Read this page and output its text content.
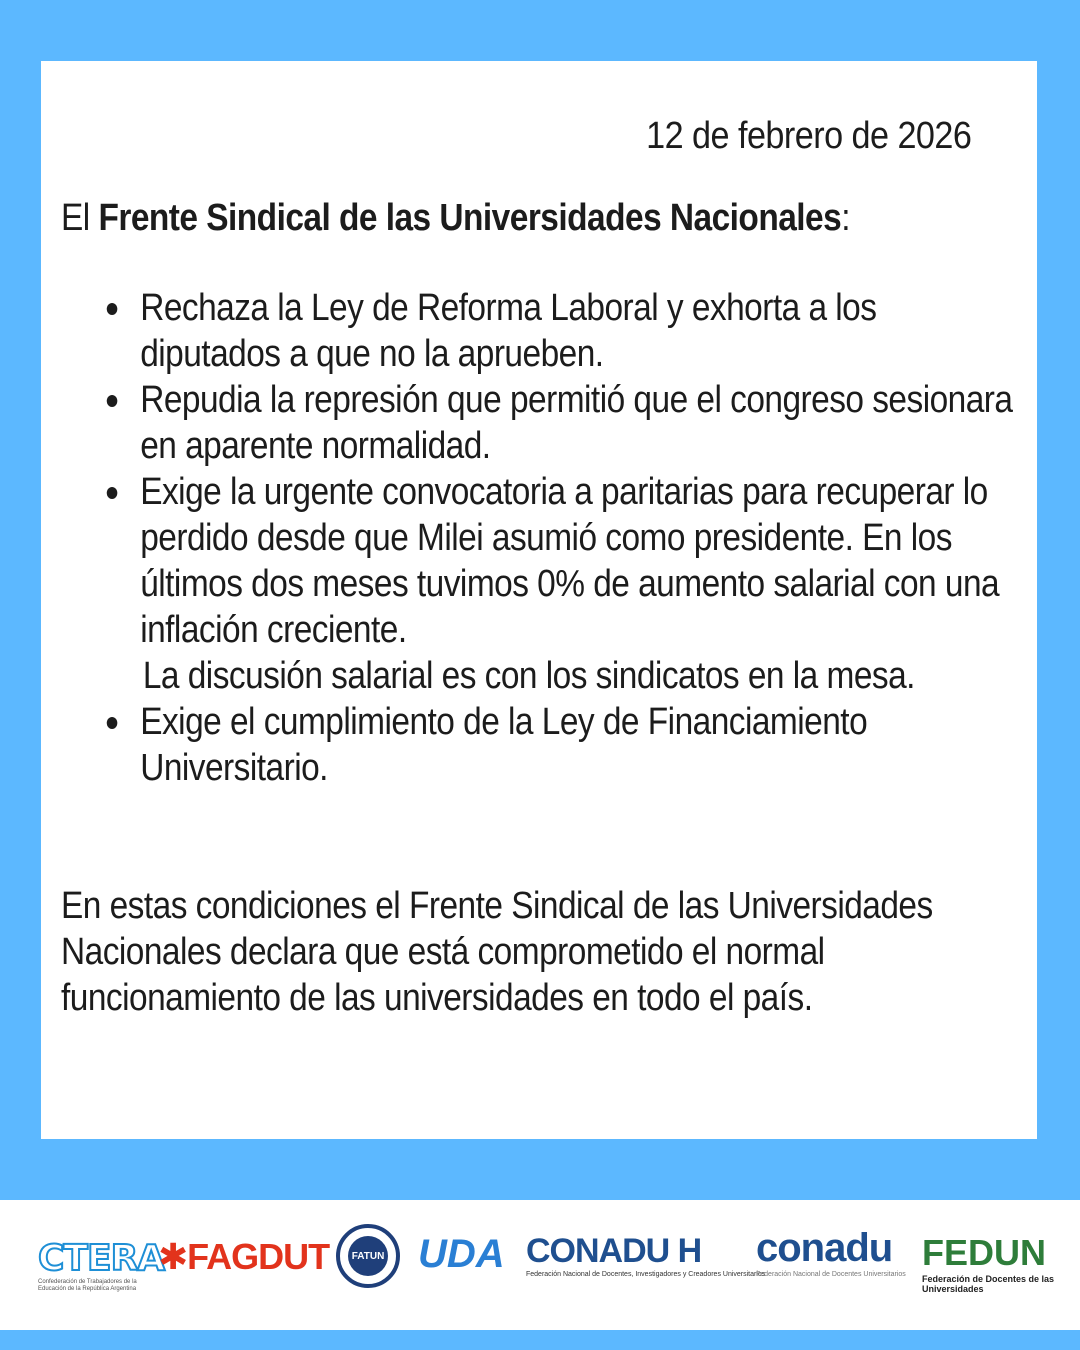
12 de febrero de 2026
El Frente Sindical de las Universidades Nacionales:
Rechaza la Ley de Reforma Laboral y exhorta a los diputados a que no la aprueben.
Repudia la represión que permitió que el congreso sesionara en aparente normalidad.
Exige la urgente convocatoria a paritarias para recuperar lo perdido desde que Milei asumió como presidente. En los últimos dos meses tuvimos 0% de aumento salarial con una inflación creciente.
La discusión salarial es con los sindicatos en la mesa.
Exige el cumplimiento de la Ley de Financiamiento Universitario.
En estas condiciones el Frente Sindical de las Universidades Nacionales declara que está comprometido el normal funcionamiento de las universidades en todo el país.
CTERA
Confederación de Trabajadores de la Educación de la República Argentina
✱FAGDUT	FATUN UDA CONADU H
Federación Nacional de Docentes, Investigadores y Creadores Universitarios
conadu
Federación Nacional de Docentes Universitarios
FEDUN
Federación de Docentes de las Universidades
